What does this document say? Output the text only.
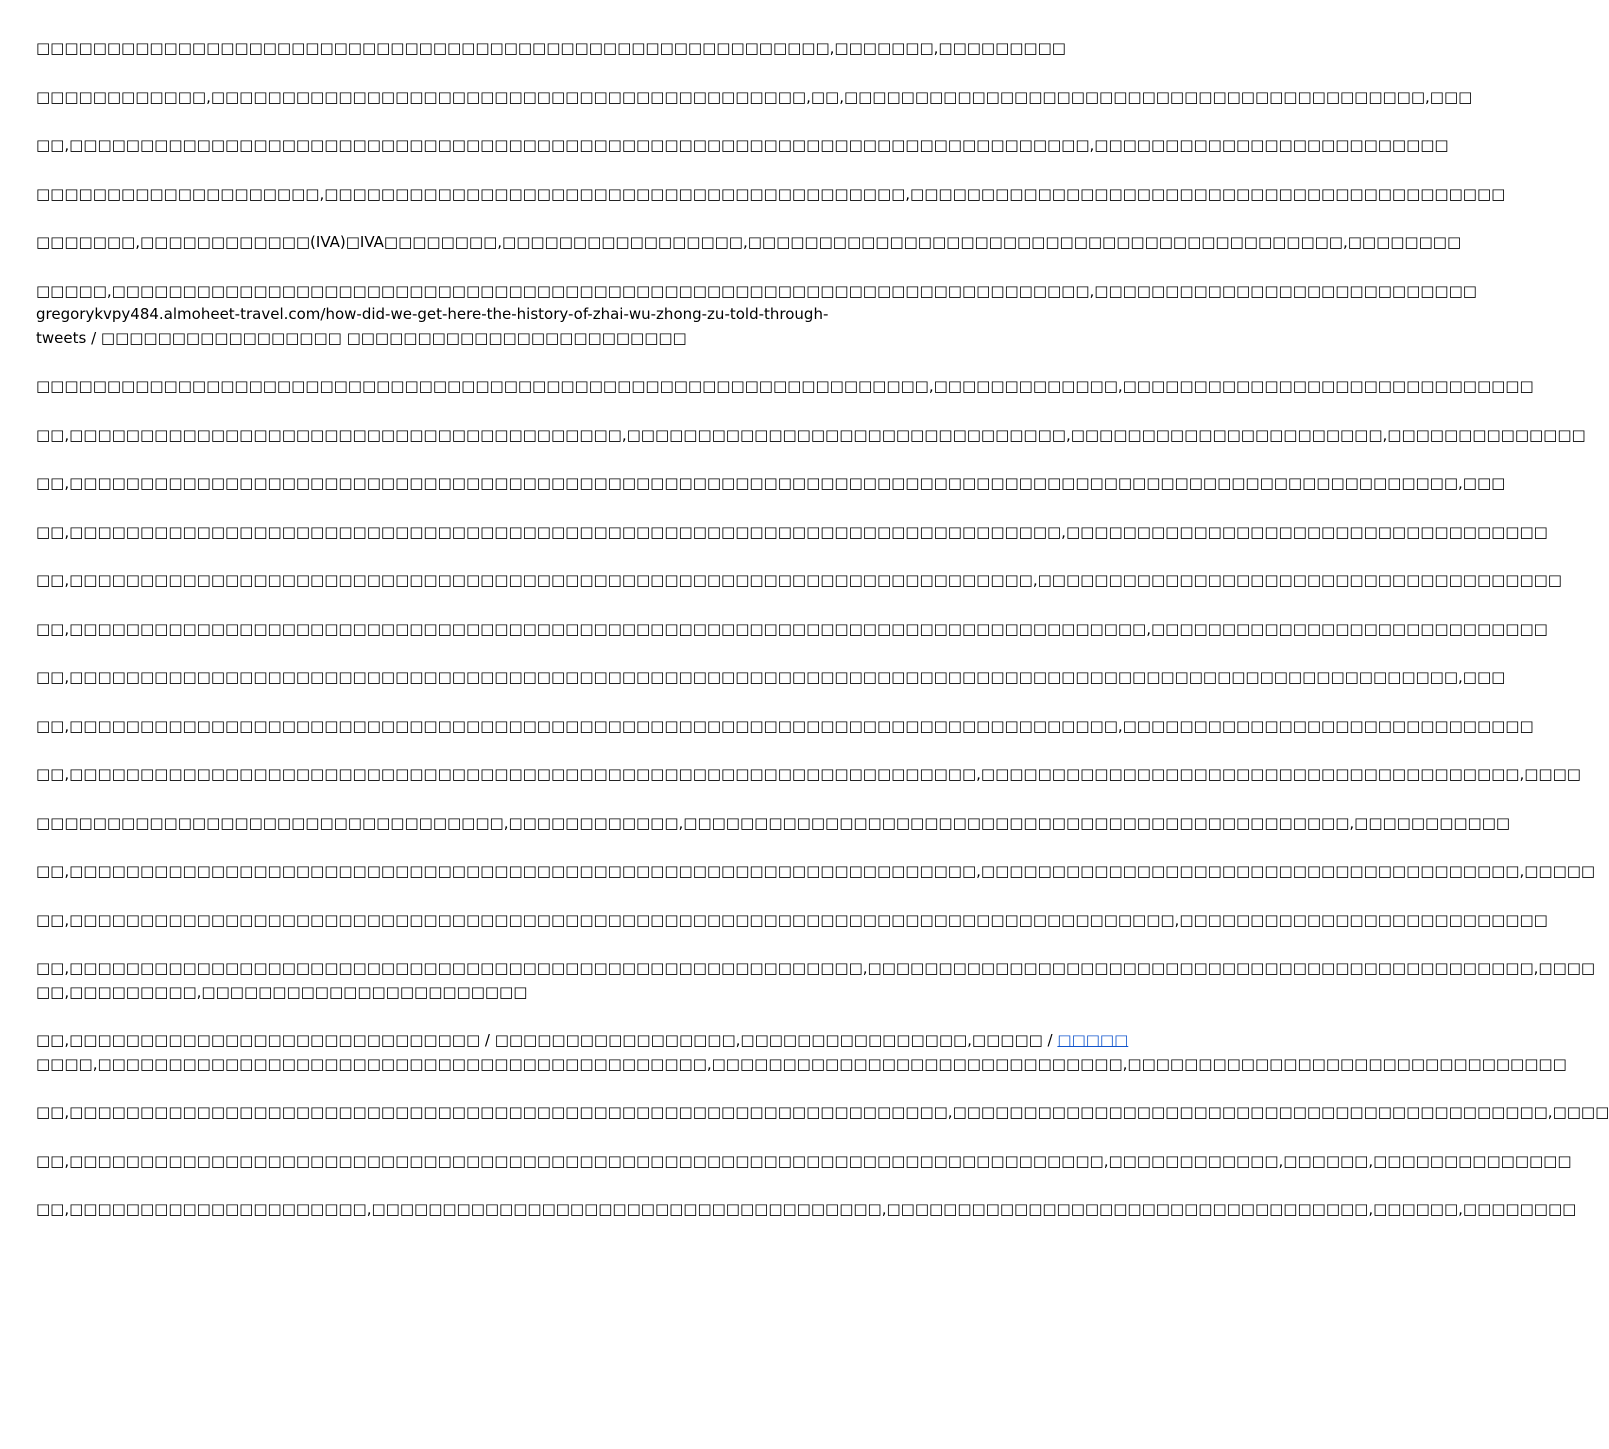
□□□□□□□□□□□□□□□□□□□□□□□□□□□□□□□□□□□□□□□□□□□□□□□□□□□□□□□□,□□□□□□□,□□□□□□□□□
□□□□□□□□□□□□,□□□□□□□□□□□□□□□□□□□□□□□□□□□□□□□□□□□□□□□□□□,□□,□□□□□□□□□□□□□□□□□□□□□□□□□□□□□□□□□□□□□□□□□,□□□
□□,□□□□□□□□□□□□□□□□□□□□□□□□□□□□□□□□□□□□□□□□□□□□□□□□□□□□□□□□□□□□□□□□□□□□□□□□,□□□□□□□□□□□□□□□□□□□□□□□□□
□□□□□□□□□□□□□□□□□□□□,□□□□□□□□□□□□□□□□□□□□□□□□□□□□□□□□□□□□□□□□□,□□□□□□□□□□□□□□□□□□□□□□□□□□□□□□□□□□□□□□□□□□
□□□□□□□,□□□□□□□□□□□□(IVA)□IVA□□□□□□□□,□□□□□□□□□□□□□□□□□,□□□□□□□□□□□□□□□□□□□□□□□□□□□□□□□□□□□□□□□□□□,□□□□□□□□
□□□□□,□□□□□□□□□□□□□□□□□□□□□□□□□□□□□□□□□□□□□□□□□□□□□□□□□□□□□□□□□□□□□□□□□□□□□,□□□□□□□□□□□□□□□□□□□□□□□□□□□
gregorykvpy484.almoheet-travel.com/how-did-we-get-here-the-history-of-zhai-wu-zhong-zu-told-through-
tweets / □□□□□□□□□□□□□□□□□ □□□□□□□□□□□□□□□□□□□□□□□□
□□□□□□□□□□□□□□□□□□□□□□□□□□□□□□□□□□□□□□□□□□□□□□□□□□□□□□□□□□□□□□□,□□□□□□□□□□□□□,□□□□□□□□□□□□□□□□□□□□□□□□□□□□□
□□,□□□□□□□□□□□□□□□□□□□□□□□□□□□□□□□□□□□□□□□,□□□□□□□□□□□□□□□□□□□□□□□□□□□□□□□,□□□□□□□□□□□□□□□□□□□□□□,□□□□□□□□□□□□□□
□□,□□□□□□□□□□□□□□□□□□□□□□□□□□□□□□□□□□□□□□□□□□□□□□□□□□□□□□□□□□□□□□□□□□□□□□□□□□□□□□□□□□□□□□□□□□□□□□□□□□,□□□
□□,□□□□□□□□□□□□□□□□□□□□□□□□□□□□□□□□□□□□□□□□□□□□□□□□□□□□□□□□□□□□□□□□□□□□□□,□□□□□□□□□□□□□□□□□□□□□□□□□□□□□□□□□□
□□,□□□□□□□□□□□□□□□□□□□□□□□□□□□□□□□□□□□□□□□□□□□□□□□□□□□□□□□□□□□□□□□□□□□□,□□□□□□□□□□□□□□□□□□□□□□□□□□□□□□□□□□□□□
□□,□□□□□□□□□□□□□□□□□□□□□□□□□□□□□□□□□□□□□□□□□□□□□□□□□□□□□□□□□□□□□□□□□□□□□□□□□□□□,□□□□□□□□□□□□□□□□□□□□□□□□□□□□
□□,□□□□□□□□□□□□□□□□□□□□□□□□□□□□□□□□□□□□□□□□□□□□□□□□□□□□□□□□□□□□□□□□□□□□□□□□□□□□□□□□□□□□□□□□□□□□□□□□□□,□□□
□□,□□□□□□□□□□□□□□□□□□□□□□□□□□□□□□□□□□□□□□□□□□□□□□□□□□□□□□□□□□□□□□□□□□□□□□□□□□,□□□□□□□□□□□□□□□□□□□□□□□□□□□□□
□□,□□□□□□□□□□□□□□□□□□□□□□□□□□□□□□□□□□□□□□□□□□□□□□□□□□□□□□□□□□□□□□□□,□□□□□□□□□□□□□□□□□□□□□□□□□□□□□□□□□□□□□□,□□□□
□□□□□□□□□□□□□□□□□□□□□□□□□□□□□□□□□,□□□□□□□□□□□□,□□□□□□□□□□□□□□□□□□□□□□□□□□□□□□□□□□□□□□□□□□□□□□□,□□□□□□□□□□□
□□,□□□□□□□□□□□□□□□□□□□□□□□□□□□□□□□□□□□□□□□□□□□□□□□□□□□□□□□□□□□□□□□□,□□□□□□□□□□□□□□□□□□□□□□□□□□□□□□□□□□□□□□,□□□□□
□□,□□□□□□□□□□□□□□□□□□□□□□□□□□□□□□□□□□□□□□□□□□□□□□□□□□□□□□□□□□□□□□□□□□□□□□□□□□□□□□,□□□□□□□□□□□□□□□□□□□□□□□□□□
□□,□□□□□□□□□□□□□□□□□□□□□□□□□□□□□□□□□□□□□□□□□□□□□□□□□□□□□□□□,□□□□□□□□□□□□□□□□□□□□□□□□□□□□□□□□□□□□□□□□□□□□□□□,□□□□
□□,□□□□□□□□□,□□□□□□□□□□□□□□□□□□□□□□□
□□,□□□□□□□□□□□□□□□□□□□□□□□□□□□□□ / □□□□□□□□□□□□□□□□□,□□□□□□□□□□□□□□□□,□□□□□ / □□□□□
□□□□,□□□□□□□□□□□□□□□□□□□□□□□□□□□□□□□□□□□□□□□□□□□,□□□□□□□□□□□□□□□□□□□□□□□□□□□□□,□□□□□□□□□□□□□□□□□□□□□□□□□□□□□□□
□□,□□□□□□□□□□□□□□□□□□□□□□□□□□□□□□□□□□□□□□□□□□□□□□□□□□□□□□□□□□□□□□,□□□□□□□□□□□□□□□□□□□□□□□□□□□□□□□□□□□□□□□□□□,□□□□
□□,□□□□□□□□□□□□□□□□□□□□□□□□□□□□□□□□□□□□□□□□□□□□□□□□□□□□□□□□□□□□□□□□□□□□□□□□□,□□□□□□□□□□□□,□□□□□□,□□□□□□□□□□□□□□
□□,□□□□□□□□□□□□□□□□□□□□□,□□□□□□□□□□□□□□□□□□□□□□□□□□□□□□□□□□□□,□□□□□□□□□□□□□□□□□□□□□□□□□□□□□□□□□□,□□□□□□,□□□□□□□□
